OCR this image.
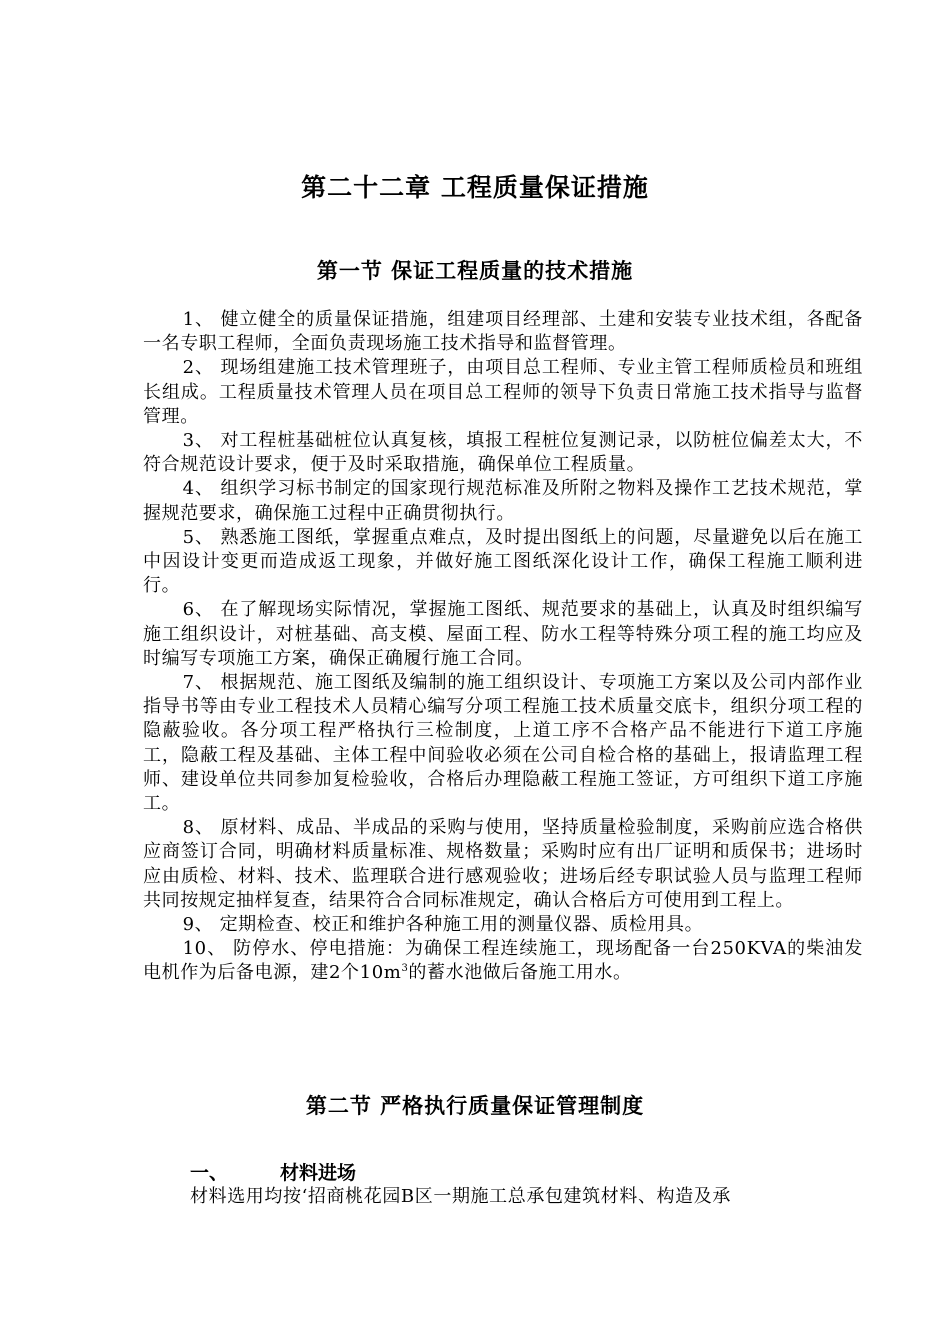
第二十二章 工程质量保证措施
第一节 保证工程质量的技术措施

1、 健立健全的质量保证措施，组建项目经理部、土建和安装专业技术组，各配备一名专职工程师，全面负责现场施工技术指导和监督管理。

2、 现场组建施工技术管理班子，由项目总工程师、专业主管工程师质检员和班组长组成。工程质量技术管理人员在项目总工程师的领导下负责日常施工技术指导与监督管理。

3、 对工程桩基础桩位认真复核，填报工程桩位复测记录，以防桩位偏差太大，不符合规范设计要求，便于及时采取措施，确保单位工程质量。

4、 组织学习标书制定的国家现行规范标准及所附之物料及操作工艺技术规范，掌握规范要求，确保施工过程中正确贯彻执行。

5、 熟悉施工图纸，掌握重点难点，及时提出图纸上的问题，尽量避免以后在施工中因设计变更而造成返工现象，并做好施工图纸深化设计工作，确保工程施工顺利进行。

6、 在了解现场实际情况，掌握施工图纸、规范要求的基础上，认真及时组织编写施工组织设计，对桩基础、高支模、屋面工程、防水工程等特殊分项工程的施工均应及时编写专项施工方案，确保正确履行施工合同。

7、 根据规范、施工图纸及编制的施工组织设计、专项施工方案以及公司内部作业指导书等由专业工程技术人员精心编写分项工程施工技术质量交底卡，组织分项工程的隐蔽验收。各分项工程严格执行三检制度，上道工序不合格产品不能进行下道工序施工，隐蔽工程及基础、主体工程中间验收必须在公司自检合格的基础上，报请监理工程师、建设单位共同参加复检验收，合格后办理隐蔽工程施工签证，方可组织下道工序施工。

8、 原材料、成品、半成品的采购与使用，坚持质量检验制度，采购前应选合格供应商签订合同，明确材料质量标准、规格数量；采购时应有出厂证明和质保书；进场时应由质检、材料、技术、监理联合进行感观验收；进场后经专职试验人员与监理工程师共同按规定抽样复查，结果符合合同标准规定，确认合格后方可使用到工程上。

9、 定期检查、校正和维护各种施工用的测量仪器、质检用具。

10、 防停水、停电措施：为确保工程连续施工，现场配备一台250KVA的柴油发电机作为后备电源，建2个$10m^3$的蓄水池做后备施工用水。

第二节 严格执行质量保证管理制度
一、	材料进场
材料选用均按‘招商桃花园B区一期施工总承包建筑材料、构造及承
